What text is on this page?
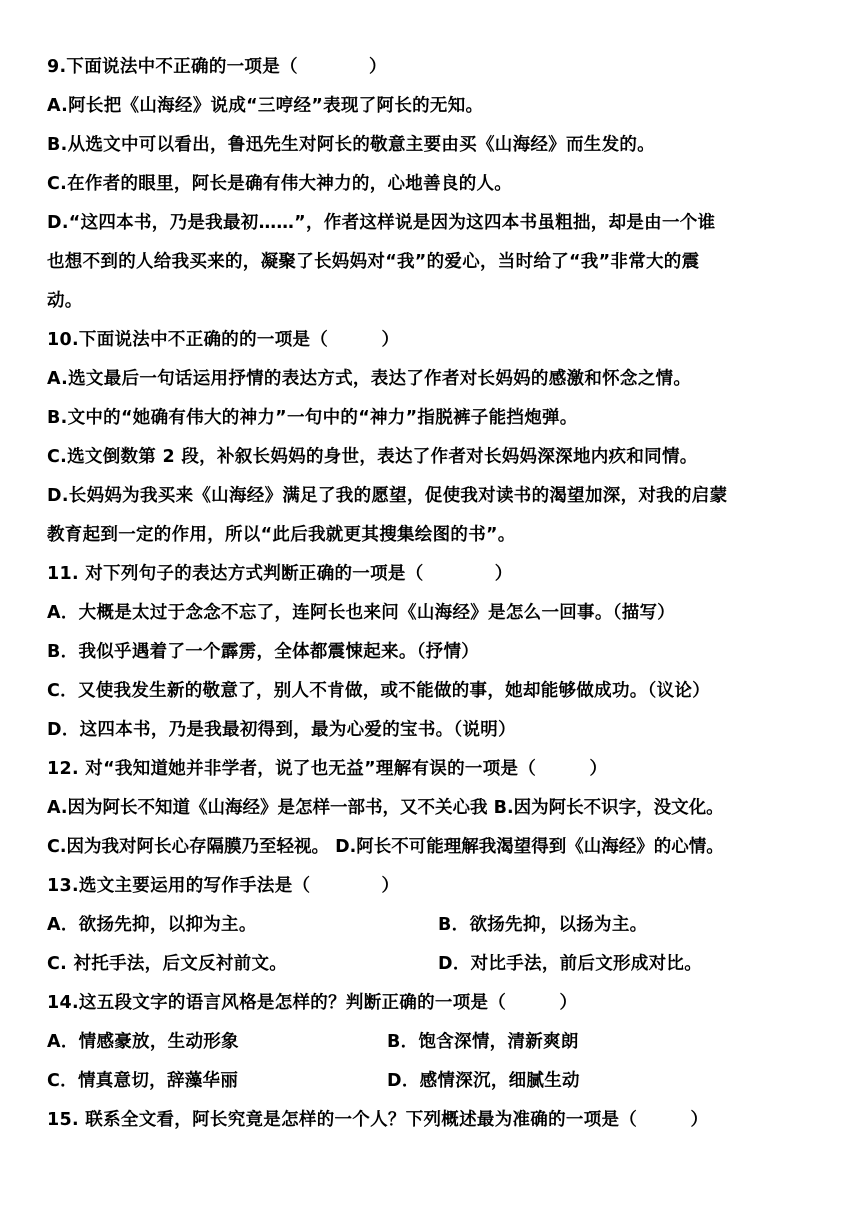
9.下面说法中不正确的一项是（　　　　）
A.阿长把《山海经》说成“三哼经”表现了阿长的无知。
B.从选文中可以看出，鲁迅先生对阿长的敬意主要由买《山海经》而生发的。
C.在作者的眼里，阿长是确有伟大神力的，心地善良的人。
D.“这四本书，乃是我最初……”，作者这样说是因为这四本书虽粗拙，却是由一个谁
也想不到的人给我买来的，凝聚了长妈妈对“我”的爱心，当时给了“我”非常大的震
动。
10.下面说法中不正确的的一项是（　　　）
A.选文最后一句话运用抒情的表达方式，表达了作者对长妈妈的感激和怀念之情。
B.文中的“她确有伟大的神力”一句中的“神力”指脱裤子能挡炮弹。
C.选文倒数第 2 段，补叙长妈妈的身世，表达了作者对长妈妈深深地内疚和同情。
D.长妈妈为我买来《山海经》满足了我的愿望，促使我对读书的渴望加深，对我的启蒙
教育起到一定的作用，所以“此后我就更其搜集绘图的书”。
11. 对下列句子的表达方式判断正确的一项是（　　　　）
A．大概是太过于念念不忘了，连阿长也来问《山海经》是怎么一回事。（描写）
B．我似乎遇着了一个霹雳，全体都震悚起来。（抒情）
C．又使我发生新的敬意了，别人不肯做，或不能做的事，她却能够做成功。（议论）
D．这四本书，乃是我最初得到，最为心爱的宝书。（说明）
12. 对“我知道她并非学者，说了也无益”理解有误的一项是（　　　）
A.因为阿长不知道《山海经》是怎样一部书，又不关心我 B.因为阿长不识字，没文化。
C.因为我对阿长心存隔膜乃至轻视。 D.阿长不可能理解我渴望得到《山海经》的心情。
13.选文主要运用的写作手法是（　　　　）
A．欲扬先抑，以抑为主。	B．欲扬先抑，以扬为主。
C. 衬托手法，后文反衬前文。	D．对比手法，前后文形成对比。
14.这五段文字的语言风格是怎样的？判断正确的一项是（　　　）
A．情感豪放，生动形象	B．饱含深情，清新爽朗
C．情真意切，辞藻华丽	D．感情深沉，细腻生动
15. 联系全文看，阿长究竟是怎样的一个人？下列概述最为准确的一项是（　　　）
